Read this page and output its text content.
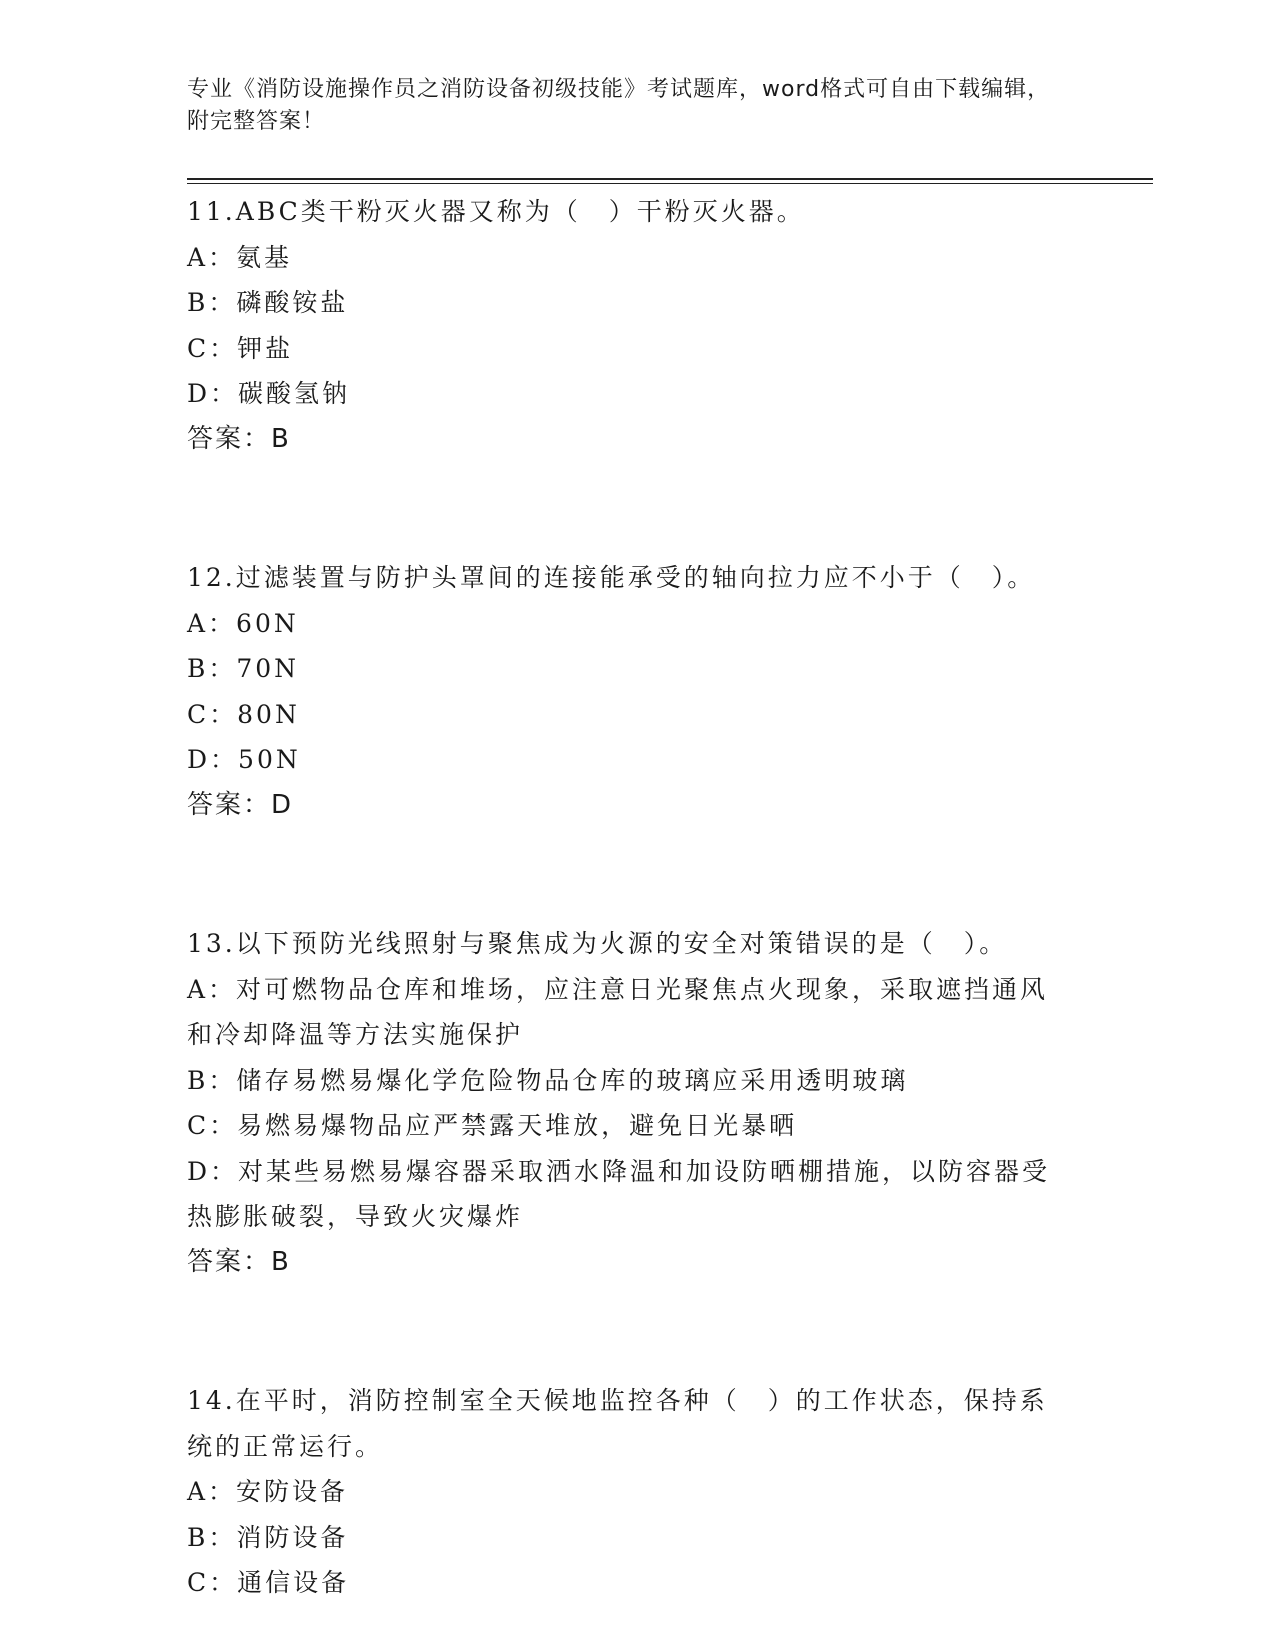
专业《消防设施操作员之消防设备初级技能》考试题库，word格式可自由下载编辑，附完整答案！
11.ABC类干粉灭火器又称为（　）干粉灭火器。
A：氨基
B：磷酸铵盐
C：钾盐
D：碳酸氢钠
答案：B
12.过滤装置与防护头罩间的连接能承受的轴向拉力应不小于（　）。
A：60N
B：70N
C：80N
D：50N
答案：D
13.以下预防光线照射与聚焦成为火源的安全对策错误的是（　）。
A：对可燃物品仓库和堆场，应注意日光聚焦点火现象，采取遮挡通风和冷却降温等方法实施保护
B：储存易燃易爆化学危险物品仓库的玻璃应采用透明玻璃
C：易燃易爆物品应严禁露天堆放，避免日光暴晒
D：对某些易燃易爆容器采取洒水降温和加设防晒棚措施，以防容器受热膨胀破裂，导致火灾爆炸
答案：B
14.在平时，消防控制室全天候地监控各种（　）的工作状态，保持系统的正常运行。
A：安防设备
B：消防设备
C：通信设备
